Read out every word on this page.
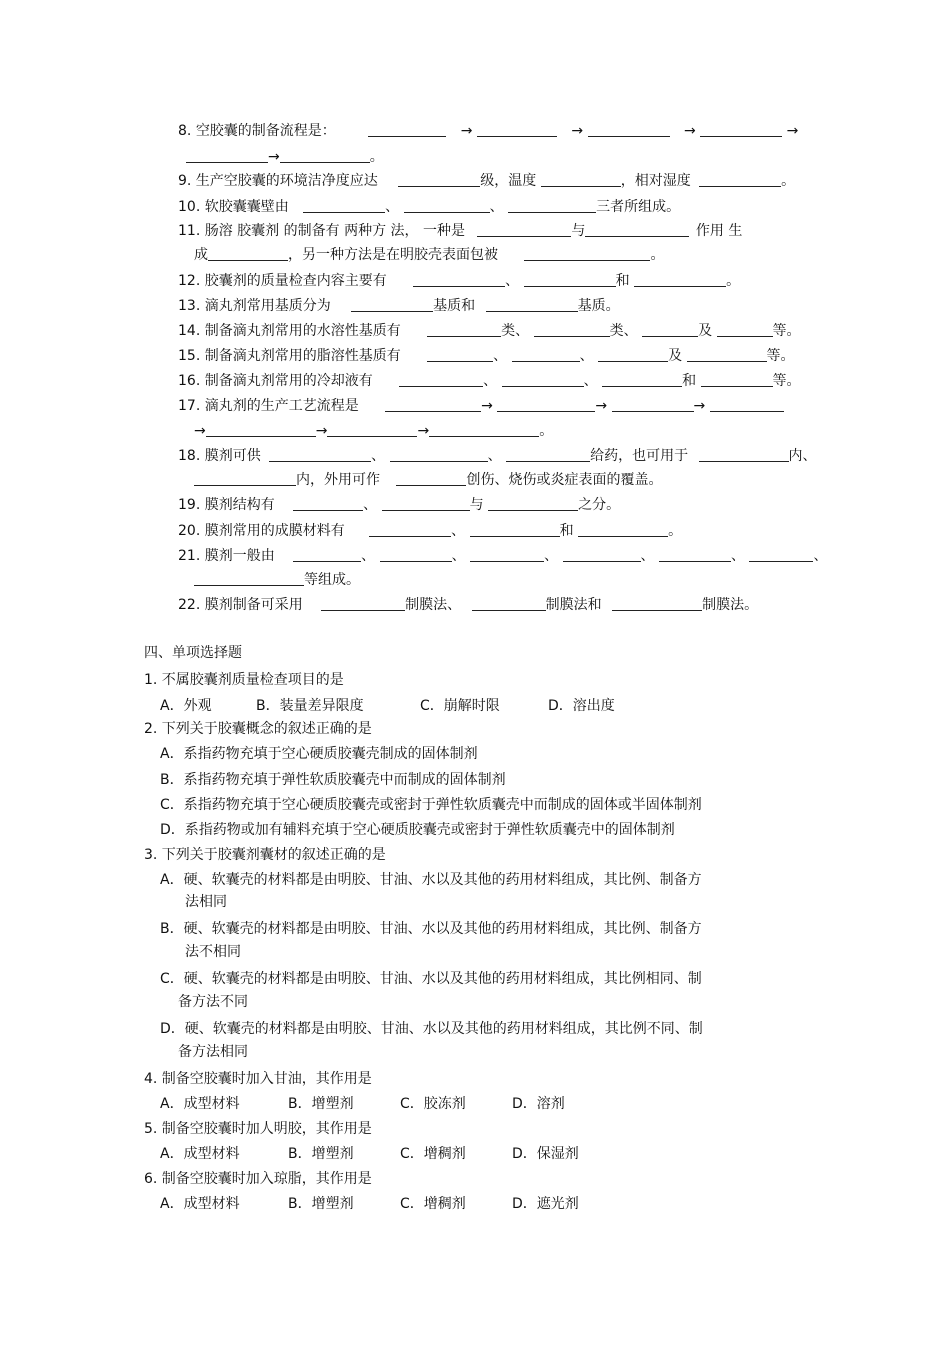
8. 空胶囊的制备流程是：	→	→	→	→
→	。
9. 生产空胶囊的环境洁净度应达	级，温度	，相对湿度	。
10. 软胶囊囊壁由	、	、	三者所组成。
11. 肠溶 胶囊剂 的制备有 两种方 法， 一种是	与	作用 生
成	，另一种方法是在明胶壳表面包被	。
12. 胶囊剂的质量检查内容主要有	、	和	。
13. 滴丸剂常用基质分为	基质和	基质。
14. 制备滴丸剂常用的水溶性基质有	类、	类、	及	等。
15. 制备滴丸剂常用的脂溶性基质有	、	、	及	等。
16. 制备滴丸剂常用的冷却液有	、	、	和	等。
17. 滴丸剂的生产工艺流程是	→	→	→
→	→	→	。
18. 膜剂可供	、	、	给药，也可用于	内、
内，外用可作	创伤、烧伤或炎症表面的覆盖。
19. 膜剂结构有	、	与	之分。
20. 膜剂常用的成膜材料有	、	和	。
21. 膜剂一般由	、	、	、	、	、	、
等组成。
22. 膜剂制备可采用	制膜法、	制膜法和	制膜法。
四、单项选择题
1. 不属胶囊剂质量检查项目的是
A．外观	B．装量差异限度	C．崩解时限	D．溶出度
2. 下列关于胶囊概念的叙述正确的是
A．系指药物充填于空心硬质胶囊壳制成的固体制剂
B．系指药物充填于弹性软质胶囊壳中而制成的固体制剂
C．系指药物充填于空心硬质胶囊壳或密封于弹性软质囊壳中而制成的固体或半固体制剂
D．系指药物或加有辅料充填于空心硬质胶囊壳或密封于弹性软质囊壳中的固体制剂
3. 下列关于胶囊剂囊材的叙述正确的是
A．硬、软囊壳的材料都是由明胶、甘油、水以及其他的药用材料组成，其比例、制备方
法相同
B．硬、软囊壳的材料都是由明胶、甘油、水以及其他的药用材料组成，其比例、制备方
法不相同
C．硬、软囊壳的材料都是由明胶、甘油、水以及其他的药用材料组成，其比例相同、制
备方法不同
D．硬、软囊壳的材料都是由明胶、甘油、水以及其他的药用材料组成，其比例不同、制
备方法相同
4. 制备空胶囊时加入甘油，其作用是
A．成型材料	B．增塑剂	C．胶冻剂	D．溶剂
5. 制备空胶囊时加人明胶，其作用是
A．成型材料	B．增塑剂	C．增稠剂	D．保湿剂
6. 制备空胶囊时加入琼脂，其作用是
A．成型材料	B．增塑剂	C．增稠剂	D．遮光剂
